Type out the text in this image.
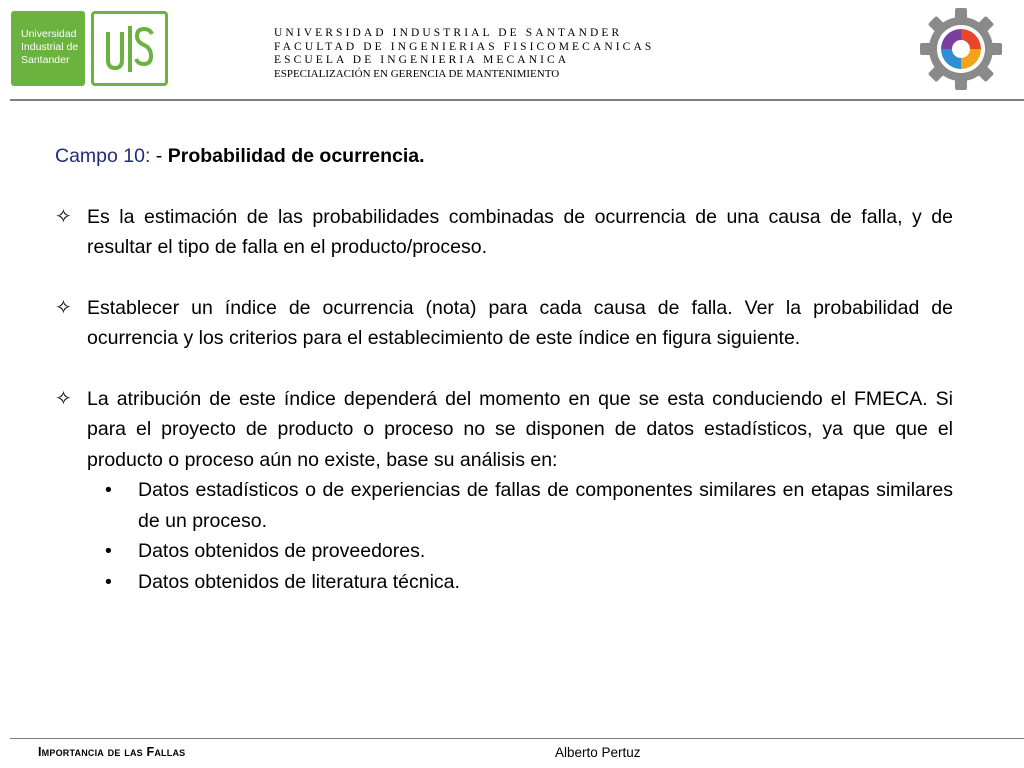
Universidad
Industrial de
Santander
UNIVERSIDAD INDUSTRIAL DE SANTANDER
FACULTAD DE INGENIERIAS FISICOMECANICAS
ESCUELA DE INGENIERIA MECANICA
ESPECIALIZACIÓN EN GERENCIA DE MANTENIMIENTO

Campo 10: - Probabilidad de ocurrencia.

✧ Es la estimación de las probabilidades combinadas de ocurrencia de una causa de falla, y de resultar el tipo de falla en el producto/proceso.
✧ Establecer un índice de ocurrencia (nota) para cada causa de falla. Ver la probabilidad de ocurrencia y los criterios para el establecimiento de este índice en figura siguiente.
✧ La atribución de este índice dependerá del momento en que se esta conduciendo el FMECA. Si para el proyecto de producto o proceso no se disponen de datos estadísticos, ya que que el producto o proceso aún no existe, base su análisis en:
• Datos estadísticos o de experiencias de fallas de componentes similares en etapas similares de un proceso.
• Datos obtenidos de proveedores.
• Datos obtenidos de literatura técnica.
Importancia de las Fallas	Alberto Pertuz
